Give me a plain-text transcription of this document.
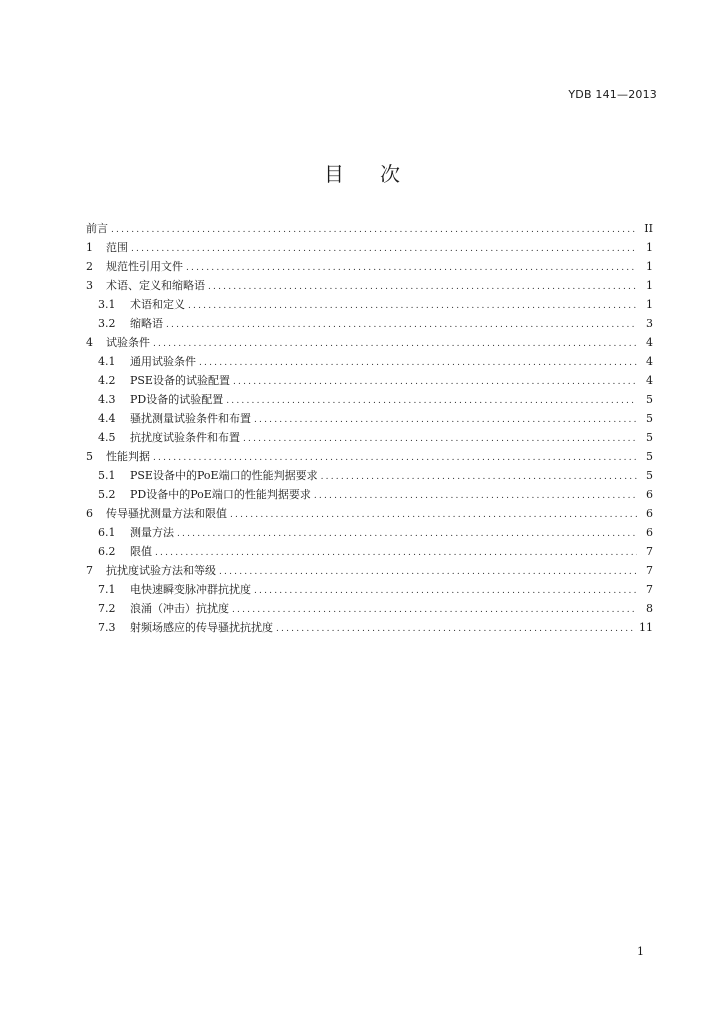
YDB 141—2013
目 次
前言 .....	II
1	范围 .....	1
2	规范性引用文件 .....	1
3	术语、定义和缩略语 .....	1
3.1	术语和定义 .....	1
3.2	缩略语 .....	3
4	试验条件 .....	4
4.1	通用试验条件 .....	4
4.2	PSE设备的试验配置 .....	4
4.3	PD设备的试验配置 .....	5
4.4	骚扰测量试验条件和布置 .....	5
4.5	抗扰度试验条件和布置 .....	5
5	性能判据 .....	5
5.1	PSE设备中的PoE端口的性能判据要求 .....	5
5.2	PD设备中的PoE端口的性能判据要求 .....	6
6	传导骚扰测量方法和限值 .....	6
6.1	测量方法 .....	6
6.2	限值 .....	7
7	抗扰度试验方法和等级 .....	7
7.1	电快速瞬变脉冲群抗扰度 .....	7
7.2	浪涌（冲击）抗扰度 .....	8
7.3	射频场感应的传导骚扰抗扰度 .....	11
1
